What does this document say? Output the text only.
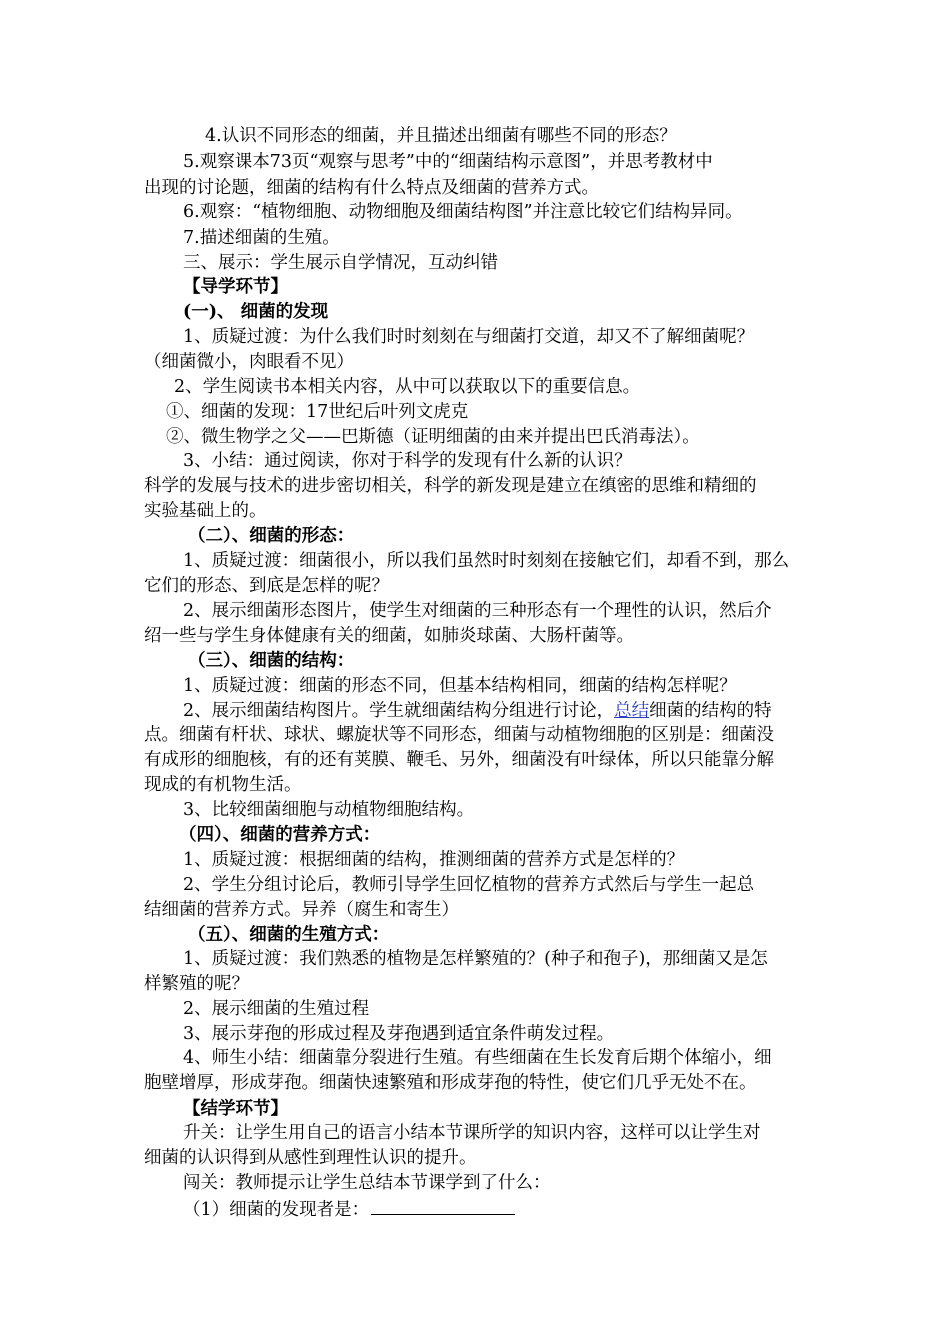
4.认识不同形态的细菌，并且描述出细菌有哪些不同的形态？
5.观察课本73页“观察与思考”中的“细菌结构示意图”，并思考教材中
出现的讨论题，细菌的结构有什么特点及细菌的营养方式。
6.观察：“植物细胞、动物细胞及细菌结构图”并注意比较它们结构异同。
7.描述细菌的生殖。
三、展示：学生展示自学情况，互动纠错
【导学环节】
(一)、 细菌的发现
1、质疑过渡：为什么我们时时刻刻在与细菌打交道，却又不了解细菌呢？
（细菌微小，肉眼看不见）
2、学生阅读书本相关内容，从中可以获取以下的重要信息。
①、细菌的发现：17世纪后叶列文虎克
②、微生物学之父——巴斯德（证明细菌的由来并提出巴氏消毒法）。
3、小结：通过阅读，你对于科学的发现有什么新的认识？
科学的发展与技术的进步密切相关，科学的新发现是建立在缜密的思维和精细的
实验基础上的。
（二）、细菌的形态：
1、质疑过渡：细菌很小，所以我们虽然时时刻刻在接触它们，却看不到，那么
它们的形态、到底是怎样的呢？
2、展示细菌形态图片，使学生对细菌的三种形态有一个理性的认识，然后介
绍一些与学生身体健康有关的细菌，如肺炎球菌、大肠杆菌等。
（三）、细菌的结构：
1、质疑过渡：细菌的形态不同，但基本结构相同，细菌的结构怎样呢？
2、展示细菌结构图片。学生就细菌结构分组进行讨论，总结细菌的结构的特
点。细菌有杆状、球状、螺旋状等不同形态，细菌与动植物细胞的区别是：细菌没
有成形的细胞核，有的还有荚膜、鞭毛、另外，细菌没有叶绿体，所以只能靠分解
现成的有机物生活。
3、比较细菌细胞与动植物细胞结构。
（四）、细菌的营养方式：
1、质疑过渡：根据细菌的结构，推测细菌的营养方式是怎样的？
2、学生分组讨论后，教师引导学生回忆植物的营养方式然后与学生一起总
结细菌的营养方式。异养（腐生和寄生）
（五）、细菌的生殖方式：
1、质疑过渡：我们熟悉的植物是怎样繁殖的？(种子和孢子)，那细菌又是怎
样繁殖的呢？
2、展示细菌的生殖过程
3、展示芽孢的形成过程及芽孢遇到适宜条件萌发过程。
4、师生小结：细菌靠分裂进行生殖。有些细菌在生长发育后期个体缩小，细
胞壁增厚，形成芽孢。细菌快速繁殖和形成芽孢的特性，使它们几乎无处不在。
【结学环节】
升关：让学生用自己的语言小结本节课所学的知识内容，这样可以让学生对
细菌的认识得到从感性到理性认识的提升。
闯关：教师提示让学生总结本节课学到了什么：
（1）细菌的发现者是：
